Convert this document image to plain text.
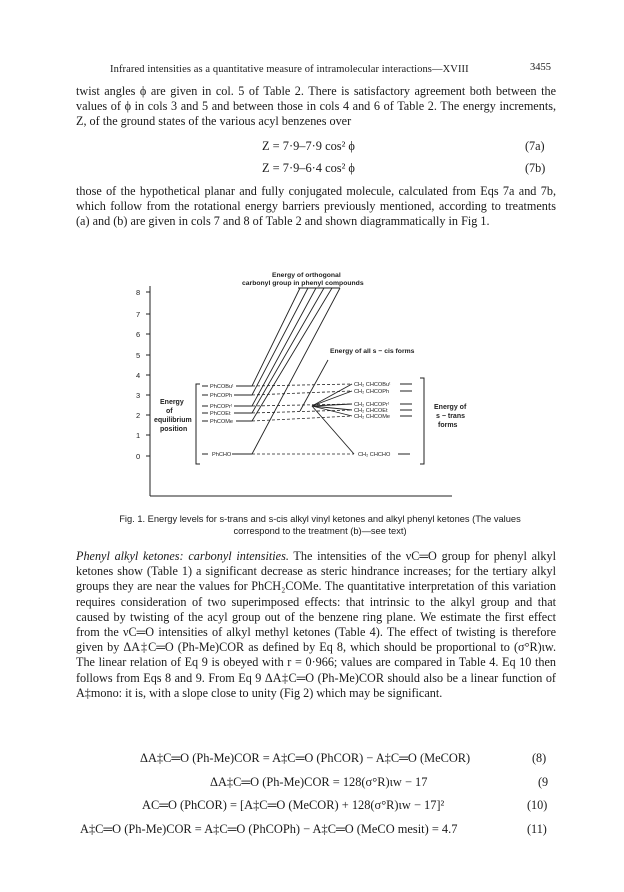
Infrared intensities as a quantitative measure of intramolecular interactions—XVIII	3455
twist angles ϕ are given in col. 5 of Table 2. There is satisfactory agreement both between the values of ϕ in cols 3 and 5 and between those in cols 4 and 6 of Table 2. The energy increments, Z, of the ground states of the various acyl benzenes over
Z = 7·9–7·9 cos² ϕ	(7a)
Z = 7·9–6·4 cos² ϕ	(7b)
those of the hypothetical planar and fully conjugated molecule, calculated from Eqs 7a and 7b, which follow from the rotational energy barriers previously mentioned, according to treatments (a) and (b) are given in cols 7 and 8 of Table 2 and shown diagrammatically in Fig 1.
8
7
6
5
4
3
2
1
0
Energy of orthogonal
carbonyl group in phenyl compounds
Energy of all s − cis forms
Energy
of
equilibrium
position
Energy of
s − trans
forms
PhCOBuᵗ
PhCOPh
PhCOPrᵗ
PhCOEt
PhCOMe
PhCHO
CH₂ CHCOBuᵗ
CH₂ CHCOPh
CH₂ CHCOPrᵗ
CH₂ CHCOEt
CH₂ CHCOMe
CH₂ CHCHO
Fig. 1. Energy levels for s-trans and s-cis alkyl vinyl ketones and alkyl phenyl ketones (The values
correspond to the treatment (b)—see text)
Phenyl alkyl ketones: carbonyl intensities. The intensities of the νC═O group for phenyl alkyl ketones show (Table 1) a significant decrease as steric hindrance increases; for the tertiary alkyl groups they are near the values for PhCH₂COMe. The quantitative interpretation of this variation requires consideration of two superimposed effects: that intrinsic to the alkyl group and that caused by twisting of the acyl group out of the benzene ring plane. We estimate the first effect from the νC═O intensities of alkyl methyl ketones (Table 4). The effect of twisting is therefore given by ΔA‡C═O (Ph-Me)COR as defined by Eq 8, which should be proportional to (σ°R)ιw. The linear relation of Eq 9 is obeyed with r = 0·966; values are compared in Table 4. Eq 10 then follows from Eqs 8 and 9. From Eq 9 ΔA‡C═O (Ph-Me)COR should also be a linear function of A‡mono: it is, with a slope close to unity (Fig 2) which may be significant.
ΔA‡C═O (Ph-Me)COR = A‡C═O (PhCOR) − A‡C═O (MeCOR)	(8)
ΔA‡C═O (Ph-Me)COR = 128(σ°R)ιw − 17	(9
AC═O (PhCOR) = [A‡C═O (MeCOR) + 128(σ°R)ιw − 17]²	(10)
A‡C═O (Ph-Me)COR = A‡C═O (PhCOPh) − A‡C═O (MeCO mesit) = 4.7	(11)
